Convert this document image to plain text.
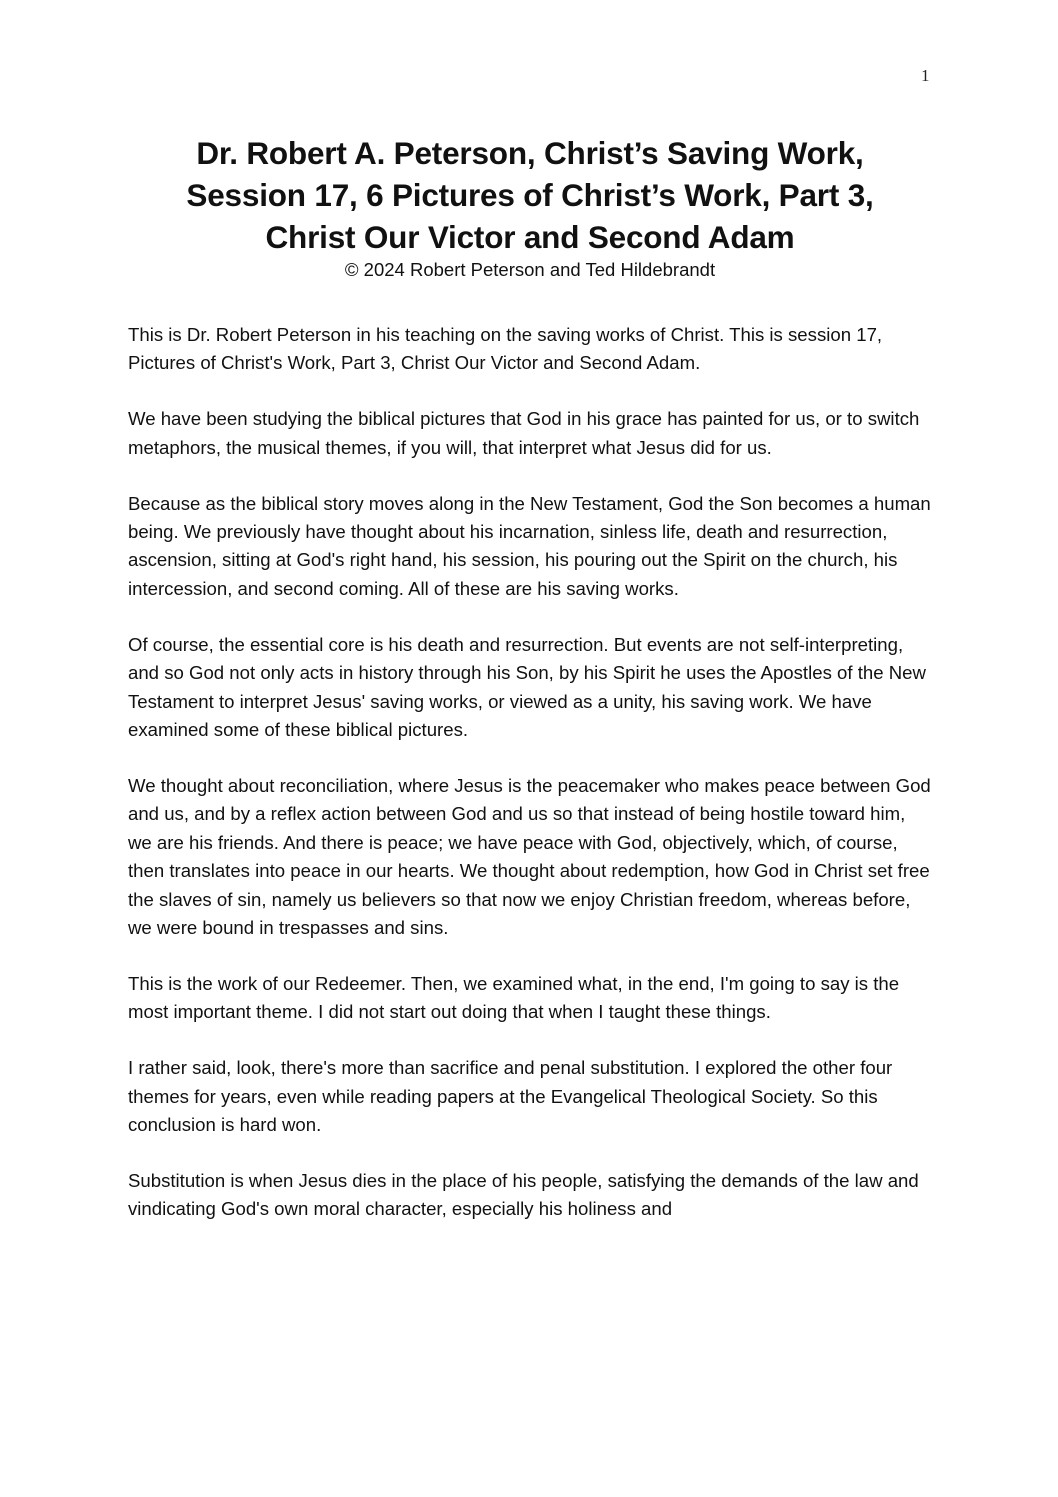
1
Dr. Robert A. Peterson, Christ’s Saving Work,
Session 17, 6 Pictures of Christ’s Work, Part 3,
Christ Our Victor and Second Adam
© 2024 Robert Peterson and Ted Hildebrandt

This is Dr. Robert Peterson in his teaching on the saving works of Christ. This is session 17, Pictures of Christ's Work, Part 3, Christ Our Victor and Second Adam.

We have been studying the biblical pictures that God in his grace has painted for us, or to switch metaphors, the musical themes, if you will, that interpret what Jesus did for us.

Because as the biblical story moves along in the New Testament, God the Son becomes a human being. We previously have thought about his incarnation, sinless life, death and resurrection, ascension, sitting at God's right hand, his session, his pouring out the Spirit on the church, his intercession, and second coming. All of these are his saving works.

Of course, the essential core is his death and resurrection. But events are not self-interpreting, and so God not only acts in history through his Son, by his Spirit he uses the Apostles of the New Testament to interpret Jesus' saving works, or viewed as a unity, his saving work. We have examined some of these biblical pictures.

We thought about reconciliation, where Jesus is the peacemaker who makes peace between God and us, and by a reflex action between God and us so that instead of being hostile toward him, we are his friends. And there is peace; we have peace with God, objectively, which, of course, then translates into peace in our hearts. We thought about redemption, how God in Christ set free the slaves of sin, namely us believers so that now we enjoy Christian freedom, whereas before, we were bound in trespasses and sins.

This is the work of our Redeemer. Then, we examined what, in the end, I'm going to say is the most important theme. I did not start out doing that when I taught these things.

I rather said, look, there's more than sacrifice and penal substitution. I explored the other four themes for years, even while reading papers at the Evangelical Theological Society. So this conclusion is hard won.

Substitution is when Jesus dies in the place of his people, satisfying the demands of the law and vindicating God's own moral character, especially his holiness and
